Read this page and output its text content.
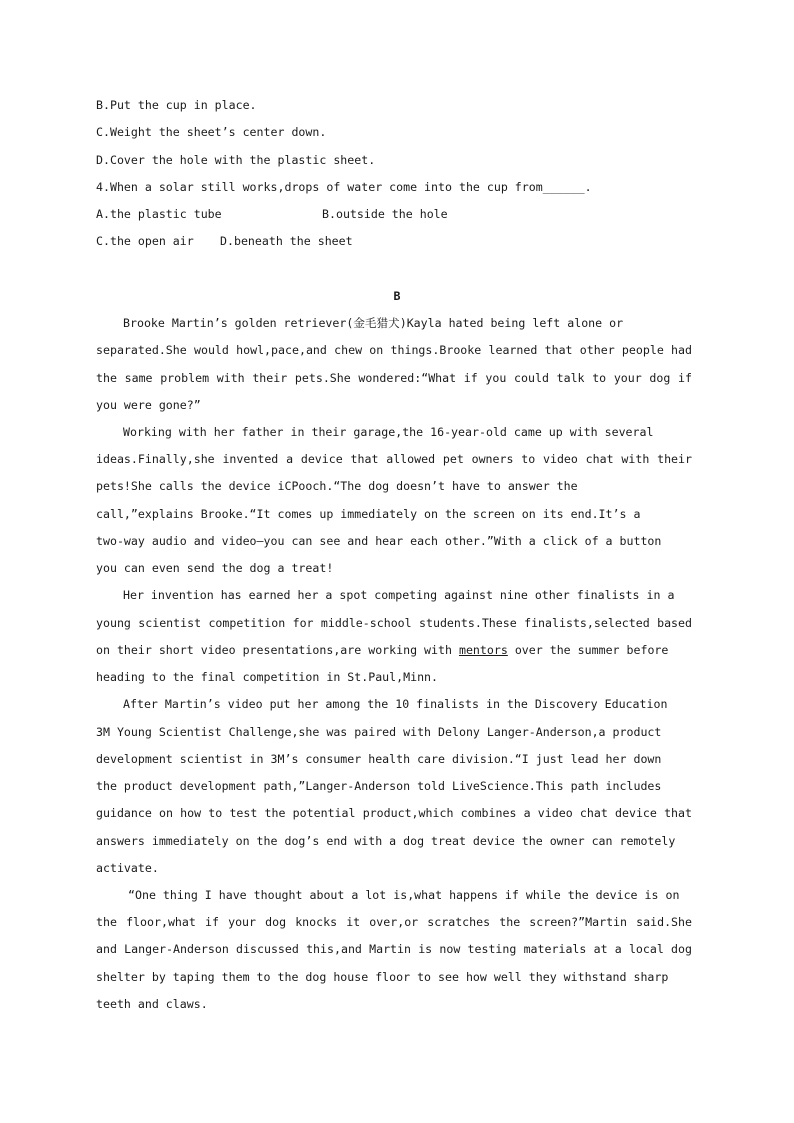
B.Put the cup in place.
C.Weight the sheet’s center down.
D.Cover the hole with the plastic sheet.
4.When a solar still works,drops of water come into the cup from______.
A.the plastic tube	B.outside the hole
C.the open air D.beneath the sheet
B
Brooke Martin’s golden retriever(金毛猎犬)Kayla hated being left alone or
separated.She would howl,pace,and chew on things.Brooke learned that other people had
the same problem with their pets.She wondered:“What if you could talk to your dog if
you were gone?”
Working with her father in their garage,the 16-year-old came up with several
ideas.Finally,she invented a device that allowed pet owners to video chat with their
pets!She calls the device iCPooch.“The dog doesn’t have to answer the
call,”explains Brooke.“It comes up immediately on the screen on its end.It’s a
two-way audio and video—you can see and hear each other.”With a click of a button
you can even send the dog a treat!
Her invention has earned her a spot competing against nine other finalists in a
young scientist competition for middle-school students.These finalists,selected based
on their short video presentations,are working with mentors over the summer before
heading to the final competition in St.Paul,Minn.
After Martin’s video put her among the 10 finalists in the Discovery Education
3M Young Scientist Challenge,she was paired with Delony Langer-Anderson,a product
development scientist in 3M’s consumer health care division.“I just lead her down
the product development path,”Langer-Anderson told LiveScience.This path includes
guidance on how to test the potential product,which combines a video chat device that
answers immediately on the dog’s end with a dog treat device the owner can remotely
activate.
“One thing I have thought about a lot is,what happens if while the device is on
the floor,what if your dog knocks it over,or scratches the screen?”Martin said.She
and Langer-Anderson discussed this,and Martin is now testing materials at a local dog
shelter by taping them to the dog house floor to see how well they withstand sharp
teeth and claws.
